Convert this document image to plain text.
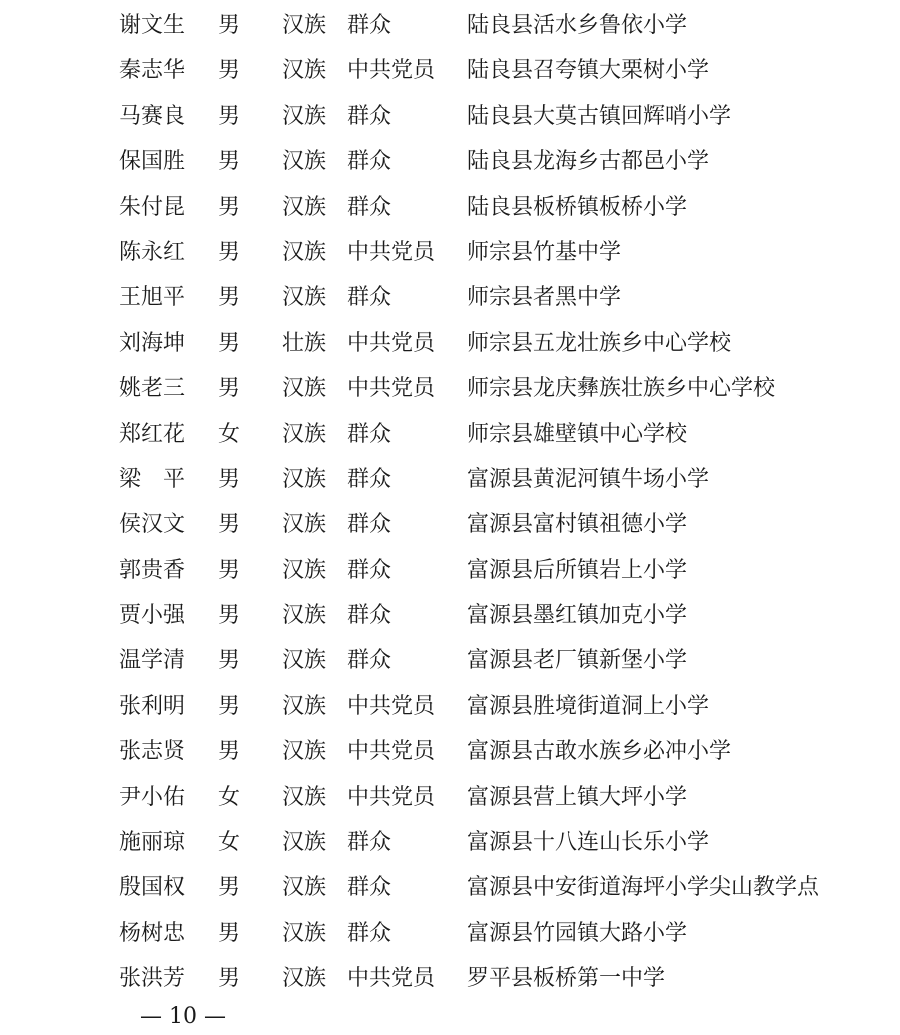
谢文生 男 汉族 群众	陆良县活水乡鲁依小学
秦志华 男 汉族 中共党员 陆良县召夸镇大栗树小学
马赛良 男 汉族 群众	陆良县大莫古镇回辉哨小学
保国胜 男 汉族 群众	陆良县龙海乡古都邑小学
朱付昆 男 汉族 群众	陆良县板桥镇板桥小学
陈永红 男 汉族 中共党员 师宗县竹基中学
王旭平 男 汉族 群众	师宗县者黑中学
刘海坤 男 壮族 中共党员 师宗县五龙壮族乡中心学校
姚老三 男 汉族 中共党员 师宗县龙庆彝族壮族乡中心学校
郑红花 女 汉族 群众	师宗县雄壁镇中心学校
梁　平 男 汉族 群众	富源县黄泥河镇牛场小学
侯汉文 男 汉族 群众	富源县富村镇祖德小学
郭贵香 男 汉族 群众	富源县后所镇岩上小学
贾小强 男 汉族 群众	富源县墨红镇加克小学
温学清 男 汉族 群众	富源县老厂镇新堡小学
张利明 男 汉族 中共党员 富源县胜境街道洞上小学
张志贤 男 汉族 中共党员 富源县古敢水族乡必冲小学
尹小佑 女 汉族 中共党员 富源县营上镇大坪小学
施丽琼 女 汉族 群众	富源县十八连山长乐小学
殷国权 男 汉族 群众	富源县中安街道海坪小学尖山教学点
杨树忠 男 汉族 群众	富源县竹园镇大路小学
张洪芳 男 汉族 中共党员 罗平县板桥第一中学
— 10 —
